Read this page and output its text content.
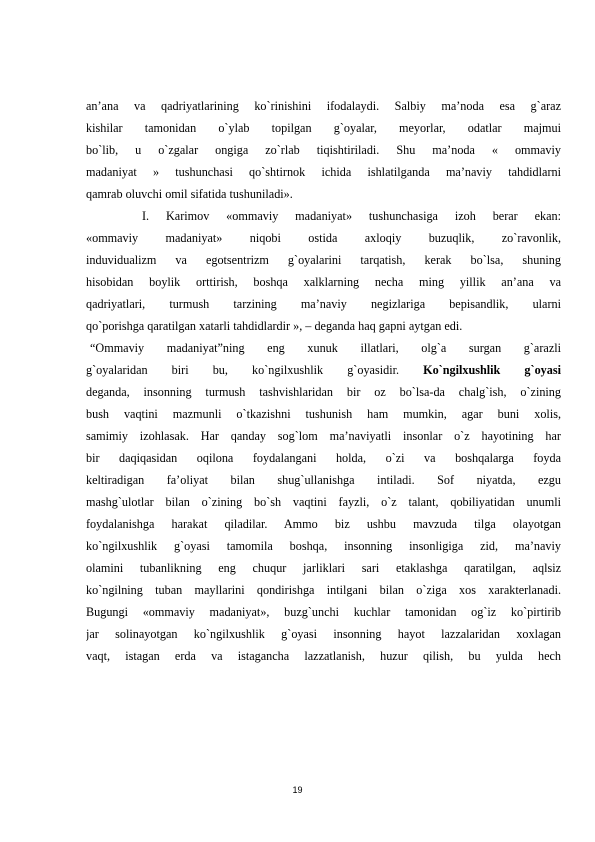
an’ana va qadriyatlarining ko`rinishini ifodalaydi. Salbiy ma’noda esa g`araz
kishilar tamonidan o`ylab topilgan g`oyalar, meyorlar, odatlar majmui
bo`lib, u o`zgalar ongiga zo`rlab tiqishtiriladi. Shu ma’noda « ommaviy
madaniyat » tushunchasi qo`shtirnok ichida ishlatilganda ma’naviy tahdidlarni
qamrab oluvchi omil sifatida tushuniladi».
I. Karimov «ommaviy madaniyat» tushunchasiga izoh berar ekan:
«ommaviy madaniyat» niqobi ostida axloqiy buzuqlik, zo`ravonlik,
induvidualizm va egotsentrizm g`oyalarini tarqatish, kerak bo`lsa, shuning
hisobidan boylik orttirish, boshqa xalklarning necha ming yillik an’ana va
qadriyatlari, turmush tarzining ma’naviy negizlariga bepisandlik, ularni
qo`porishga qaratilgan xatarli tahdidlardir », – deganda haq gapni aytgan edi.
“Ommaviy madaniyat”ning eng xunuk illatlari, olg`a surgan g`arazli
g`oyalaridan biri bu, ko`ngilxushlik g`oyasidir. Ko`ngilxushlik g`oyasi
deganda, insonning turmush tashvishlaridan bir oz bo`lsa-da chalg`ish, o`zining
bush vaqtini mazmunli o`tkazishni tushunish ham mumkin, agar buni xolis,
samimiy izohlasak. Har qanday sog`lom ma’naviyatli insonlar o`z hayotining har
bir daqiqasidan oqilona foydalangani holda, o`zi va boshqalarga foyda
keltiradigan fa’oliyat bilan shug`ullanishga intiladi. Sof niyatda, ezgu
mashg`ulotlar bilan o`zining bo`sh vaqtini fayzli, o`z talant, qobiliyatidan unumli
foydalanishga harakat qiladilar. Ammo biz ushbu mavzuda tilga olayotgan
ko`ngilxushlik g`oyasi tamomila boshqa, insonning insonligiga zid, ma’naviy
olamini tubanlikning eng chuqur jarliklari sari etaklashga qaratilgan, aqlsiz
ko`ngilning tuban mayllarini qondirishga intilgani bilan o`ziga xos xarakterlanadi.
Bugungi «ommaviy madaniyat», buzg`unchi kuchlar tamonidan og`iz ko`pirtirib
jar solinayotgan ko`ngilxushlik g`oyasi insonning hayot lazzalaridan xoxlagan
vaqt, istagan erda va istagancha lazzatlanish, huzur qilish, bu yulda hech
19
